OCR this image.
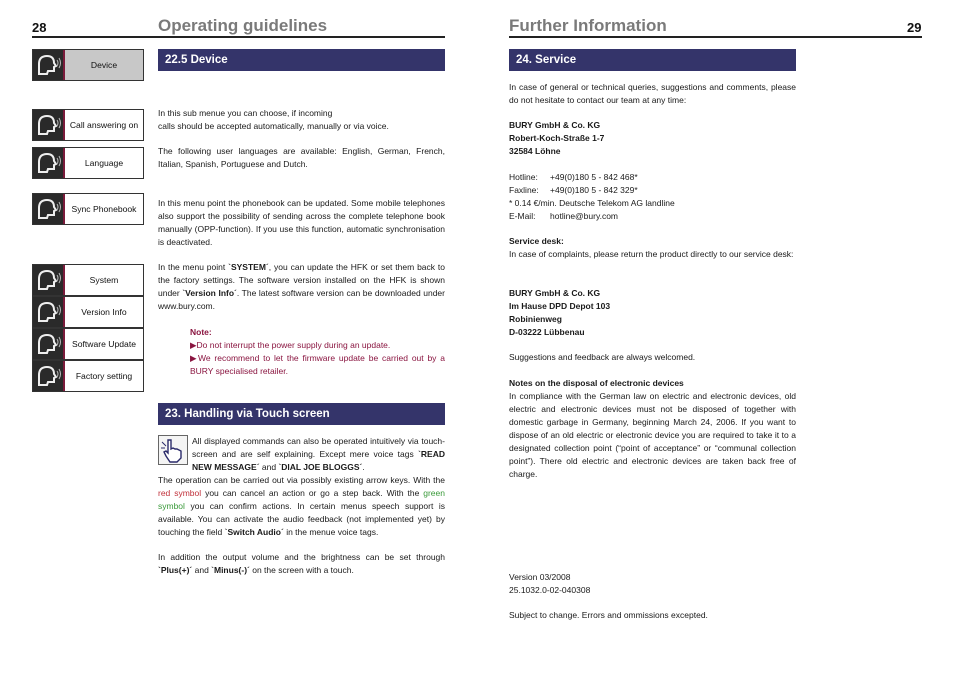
28	Operating guidelines
22.5 Device
Device
Call answering on
Language
Sync Phonebook
System
Version Info
Software Update
Factory setting

In this sub menue you can choose, if incoming

calls should be accepted automatically, manually or via voice.

The following user languages are available: English, German, French, Italian, Spanish, Portuguese and Dutch.
In this menu point the phonebook can be updated. Some mobile telephones also support the possibility of sending across the complete telephone book manually (OPP-function). If you use this function, automatic synchronisation is deactivated.
In the menu point `SYSTEM´, you can update the HFK or set them back to the factory settings. The software version installed on the HFK is shown under `Version Info´. The latest software version can be downloaded under www.bury.com.

Note:

▶Do not interrupt the power supply during an update.

▶We recommend to let the firmware update be carried out by a BURY specialised retailer.

23. Handling via Touch screen
All displayed commands can also be operated intuitively via touch-screen and are self explaining. Except mere voice tags `READ NEW MESSAGE´ and `DIAL JOE BLOGGS´.
The operation can be carried out via possibly existing arrow keys. With the red symbol you can cancel an action or go a step back. With the green symbol you can confirm actions. In certain menus speech support is available. You can activate the audio feedback (not implemented yet) by touching the field `Switch Audio´ in the menue voice tags.
In addition the output volume and the brightness can be set through `Plus(+)´ and `Minus(-)´ on the screen with a touch.
Further Information	29
24. Service
In case of general or technical queries, suggestions and comments, please do not hesitate to contact our team at any time:

BURY GmbH & Co. KG

Robert-Koch-Straße 1-7

32584 Löhne

Hotline: +49(0)180 5 - 842 468*

Faxline: +49(0)180 5 - 842 329*

* 0.14 €/min. Deutsche Telekom AG landline

E-Mail: hotline@bury.com

Service desk:

In case of complaints, please return the product directly to our service desk:

BURY GmbH & Co. KG

Im Hause DPD Depot 103

Robinienweg

D-03222 Lübbenau

Suggestions and feedback are always welcomed.

Notes on the disposal of electronic devices

In compliance with the German law on electric and electronic devices, old electric and electronic devices must not be disposed of together with domestic garbage in Germany, beginning March 24, 2006. If you want to dispose of an old electric or electronic device you are required to take it to a designated collection point (“point of acceptance” or “communal collection point”). There old electric and electronic devices are taken back free of charge.

Version 03/2008

25.1032.0-02-040308

Subject to change. Errors and ommissions excepted.
